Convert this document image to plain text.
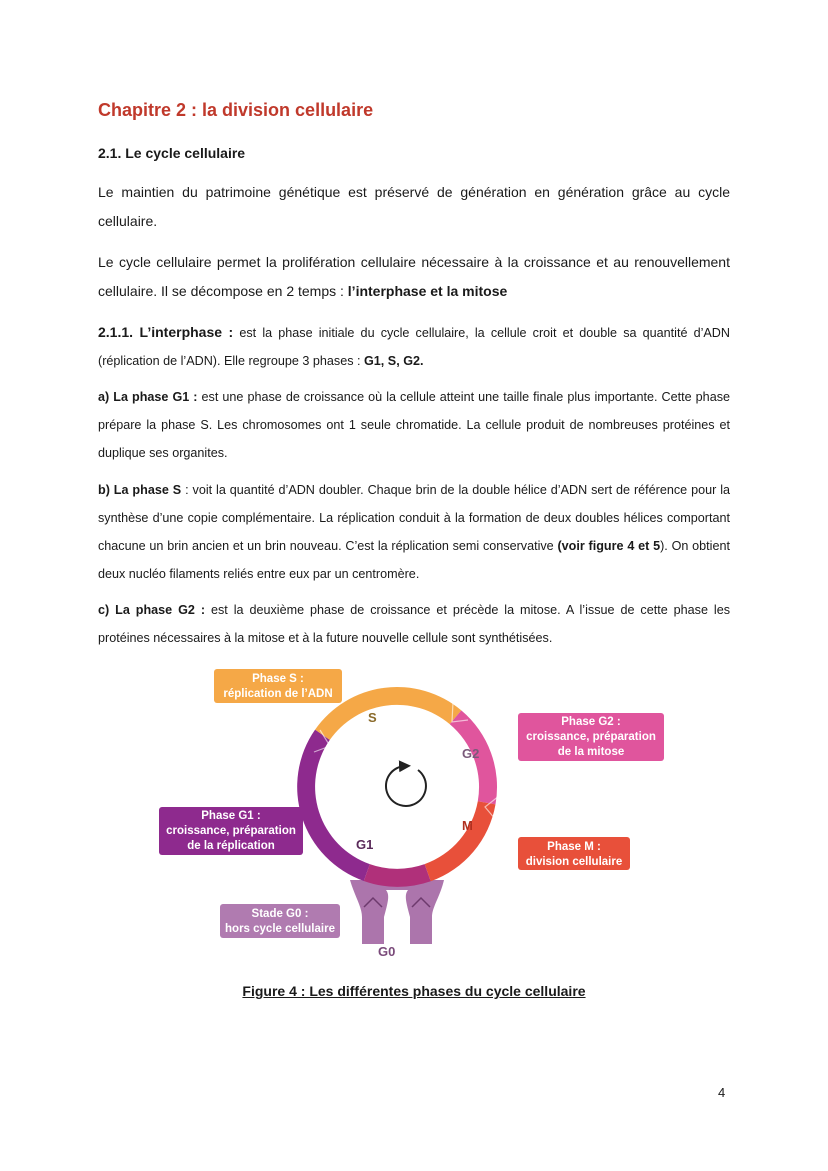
Chapitre 2 : la division cellulaire
2.1. Le cycle cellulaire
Le maintien du patrimoine génétique est préservé de génération en génération grâce au cycle cellulaire.
Le cycle cellulaire permet la prolifération cellulaire nécessaire à la croissance et au renouvellement cellulaire. Il se décompose en 2 temps : l’interphase et la mitose
2.1.1. L’interphase : est la phase initiale du cycle cellulaire, la cellule croit et double sa quantité d’ADN (réplication de l’ADN). Elle regroupe 3 phases : G1, S, G2.
a) La phase G1 : est une phase de croissance où la cellule atteint une taille finale plus importante. Cette phase prépare la phase S. Les chromosomes ont 1 seule chromatide. La cellule produit de nombreuses protéines et duplique ses organites.
b) La phase S : voit la quantité d’ADN doubler. Chaque brin de la double hélice d’ADN sert de référence pour la synthèse d’une copie complémentaire. La réplication conduit à la formation de deux doubles hélices comportant chacune un brin ancien et un brin nouveau. C’est la réplication semi conservative (voir figure 4 et 5). On obtient deux nucléo filaments reliés entre eux par un centromère.
c) La phase G2 : est la deuxième phase de croissance et précède la mitose. A l’issue de cette phase les protéines nécessaires à la mitose et à la future nouvelle cellule sont synthétisées.
S
G2
M
G1
G0
Phase S :
réplication de l’ADN
Phase G2 :
croissance, préparation
de la mitose
Phase G1 :
croissance, préparation
de la réplication	Phase M :
division cellulaire
Stade G0 :
hors cycle cellulaire
Figure 4 : Les différentes phases du cycle cellulaire
4
